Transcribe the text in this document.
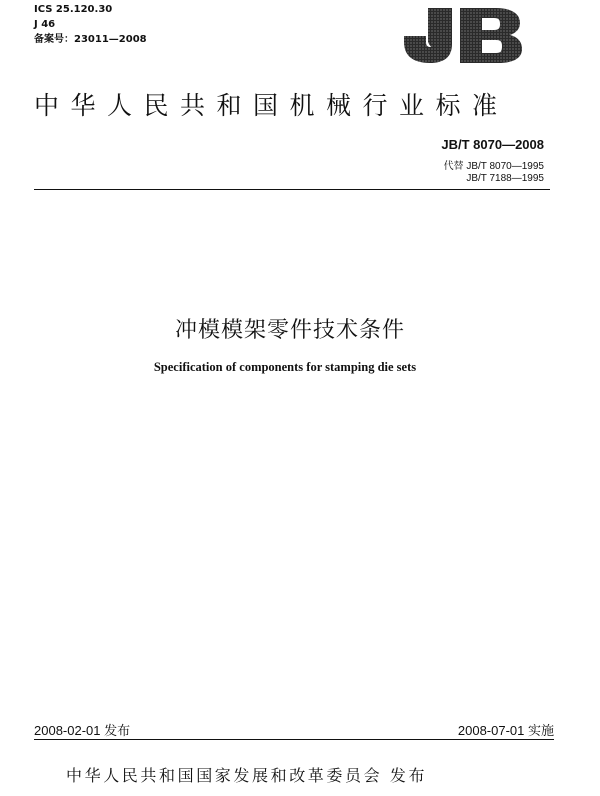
ICS 25.120.30
J 46
备案号：23011—2008
中华人民共和国机械行业标准
JB/T 8070—2008
代替 JB/T 8070—1995
JB/T 7188—1995
冲模模架零件技术条件
Specification of components for stamping die sets
2008-02-01 发布	2008-07-01 实施
中华人民共和国国家发展和改革委员会 发布
